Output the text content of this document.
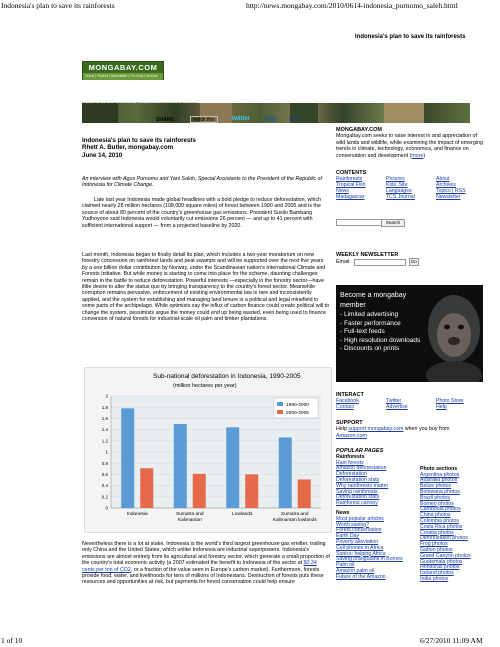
Indonesia's plan to save its rainforests	http://news.mongabay.com/2010/0614-indonesia_purnomo_saleh.html
Indonesia's plan to save its rainforests
MONGABAY.COM
Home | Photos | Newsletter | For Kids | Archive
SHARE: f	reddit this	twitter digg print
Indonesia's plan to save its rainforests
Rhett A. Butler, mongabay.com
June 14, 2010
An interview with Agus Purnomo and Yani Saloh, Special Assistants to the President of the Republic of Indonesia for Climate Change.
Late last year Indonesia made global headlines with a bold pledge to reduce deforestation, which claimed nearly 28 million hectares (108,000 square miles) of forest between 1990 and 2005 and is the source of about 80 percent of the country's greenhouse gas emissions. President Susilo Bambang Yudhoyono said Indonesia would voluntarily cut emissions 26 percent — and up to 41 percent with sufficient international support — from a projected baseline by 2020.
Last month, Indonesia began to finally detail its plan, which includes a two-year moratorium on new forestry concession on rainforest lands and peat swamps and will be supported over the next five years by a one billion dollar contribution by Norway, under the Scandinavian nation's International Climate and Forests Initiative. But while money is starting to come into place for the scheme, daunting challenges remain in the battle to reduce deforestation. Powerful interests —especially in the forestry sector—have little desire to alter the status quo by bringing transparency to the country's forest sector. Meanwhile corruption remains pervasive, enforcement of existing environmental law is rare and inconsistently applied, and the system for establishing and managing land tenure is a political and legal minefield in some parts of the archipelago. While optimists say the influx of carbon finance could create political will to change the system, pessimists argue the money could end up being wasted, even being used to finance conversion of natural forests for industrial-scale oil palm and timber plantations.
Sub-national deforestation in Indonesia, 1990-2005
(million hectares per year)
0
0.2
0.4
0.6
0.8
1
1.2
1.4
1.6
1.8
2
Indonesia	Sumatra and
Kalimantan
Lowlands	Sumatra and
Kalimantan lowlands
1990-2000
2000-2005
Nevertheless there is a lot at stake. Indonesia is the world's third largest greenhouse gas emitter, trailing only China and the United States, which unlike Indonesia are industrial superpowers. Indonesia's emissions are almost entirely from its agricultural and forestry sector, which generate a small proportion of the country's total economic activity (a 2007 estimated the benefit to Indonesia of the sector at $0.34 cents per ton of CO2, or a fraction of the value seen in Europe's carbon market). Furthermore, forests provide food, water, and livelihoods for tens of millions of Indonesians. Destruction of forests puts these resources and opportunities at risk, but payments for forest conservation could help ensure
MONGABAY.COM
Mongabay.com seeks to raise interest in and appreciation of wild lands and wildlife, while examining the impact of emerging trends in climate, technology, economics, and finance on conservation and development (more)
CONTENTS
Rainforests	Pictures	About
Tropical Fish	Kids' Site	Archives
News	Languages	Topics | RSS
Madagascar	TCS Journal	Newsletter
Search
WEEKLY NEWSLETTER
Email:	Go
Become a mongabay member
- Limited advertising
- Faster performance
- Full-text feeds
- High resolution downloads
- Discounts on prints
INTERACT
Facebook	Twitter	Photo Store
Contact	Advertise	Help
SUPPORT
Help support mongabay.com when you buy from
Amazon.com
POPULAR PAGES
Rainforests
Rain forests
Amazon deforestation
Deforestation
Deforestation stats
Why rainforests matter
Saving rainforests
Deforestation stats
Rainforest canopy
News
Most popular articles
Worth saving?
Forest conservation
Earth Day
Poverty alleviation
Cell phones in Africa
Sonics: helping Africa
Saving orangutans in Borneo
Palm oil
Amazon palm oil
Future of the Amazon
Photo sections
Argentina photos
Australia photos
Belize photos
Botswana photos
Brazil photos
Borneo photos
Cambodia photos
China photos
Colombia photos
Costa Rica photos
Croatia photos
Deforestation photos
Frog photos
Gabon photos
Grand Canyon photos
Guatemala photos
Honduras photos
Iceland photos
India photos
1 of 10	6/27/2010 11:09 AM
